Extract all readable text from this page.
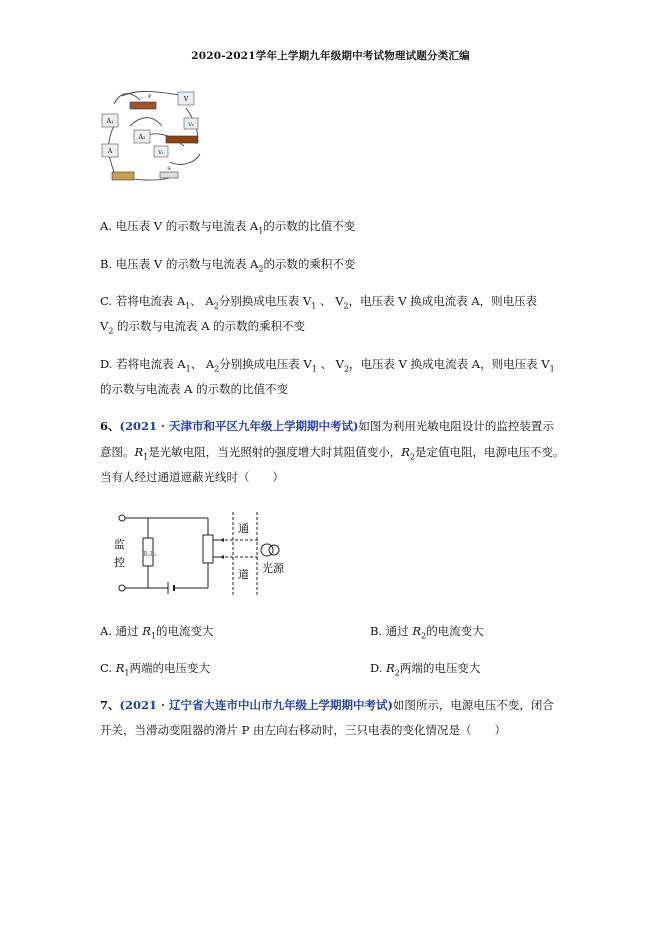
2020-2021学年上学期九年级期中考试物理试题分类汇编
V
A₁
A₂
A	V₁
V₂
S
P
A. 电压表 V 的示数与电流表 $A_1$的示数的比值不变
B. 电压表 V 的示数与电流表 $A_2$的示数的乘积不变
C. 若将电流表 $A_1$、 $A_2$分别换成电压表 $V_1$ 、 $V_2$，电压表 V 换成电流表 A，则电压表
$V_2$ 的示数与电流表 A 的示数的乘积不变
D. 若将电流表 $A_1$、 $A_2$分别换成电压表 $V_1$ 、 $V_2$，电压表 V 换成电流表 A，则电压表 $V_1$
的示数与电流表 A 的示数的比值不变
6、(2021 · 天津市和平区九年级上学期期中考试)如图为利用光敏电阻设计的监控装置示
意图。$R_1$是光敏电阻，当光照射的强度增大时其阻值变小，$R_2$是定值电阻，电源电压不变。
当有人经过通道遮蔽光线时（　　）
监
控
R₂R₁
通
道 光源
A. 通过 $R_1$的电流变大	B. 通过 $R_2$的电流变大
C. $R_1$两端的电压变大	D. $R_2$两端的电压变大
7、(2021 · 辽宁省大连市中山市九年级上学期期中考试)如图所示，电源电压不变，闭合
开关，当滑动变阻器的滑片 P 由左向右移动时，三只电表的变化情况是（　　）
